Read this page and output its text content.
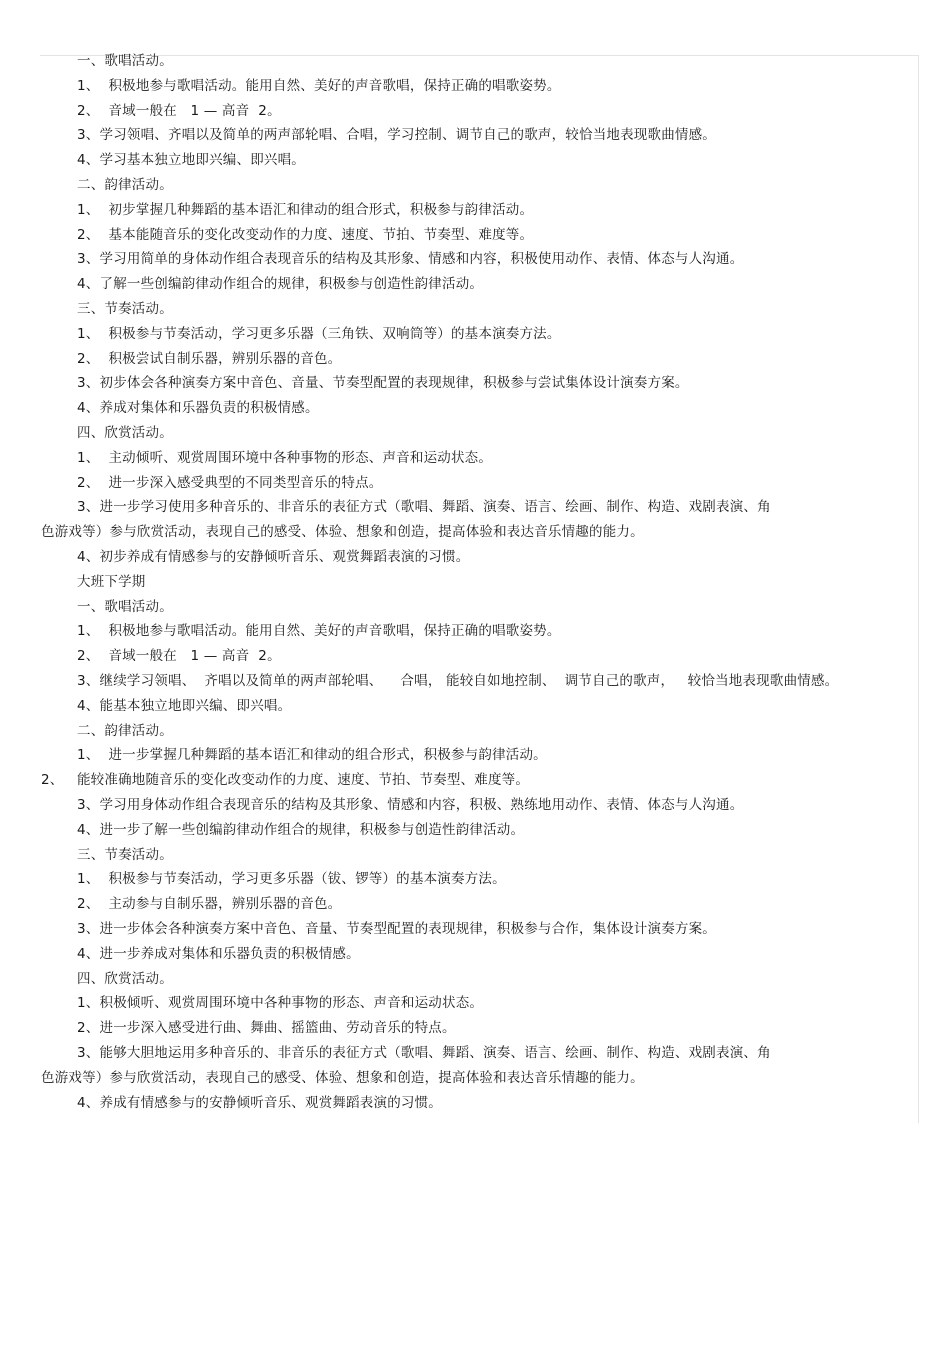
一、歌唱活动。
1、  积极地参与歌唱活动。能用自然、美好的声音歌唱，保持正确的唱歌姿势。
2、  音域一般在   1 — 高音  2。
3、学习领唱、齐唱以及简单的两声部轮唱、合唱，学习控制、调节自己的歌声，较恰当地表现歌曲情感。
4、学习基本独立地即兴编、即兴唱。
二、韵律活动。
1、  初步掌握几种舞蹈的基本语汇和律动的组合形式，积极参与韵律活动。
2、  基本能随音乐的变化改变动作的力度、速度、节拍、节奏型、难度等。
3、学习用简单的身体动作组合表现音乐的结构及其形象、情感和内容，积极使用动作、表情、体态与人沟通。
4、了解一些创编韵律动作组合的规律，积极参与创造性韵律活动。
三、节奏活动。
1、  积极参与节奏活动，学习更多乐器（三角铁、双响筒等）的基本演奏方法。
2、  积极尝试自制乐器，辨别乐器的音色。
3、初步体会各种演奏方案中音色、音量、节奏型配置的表现规律，积极参与尝试集体设计演奏方案。
4、养成对集体和乐器负责的积极情感。
四、欣赏活动。
1、  主动倾听、观赏周围环境中各种事物的形态、声音和运动状态。
2、  进一步深入感受典型的不同类型音乐的特点。
3、进一步学习使用多种音乐的、非音乐的表征方式（歌唱、舞蹈、演奏、语言、绘画、制作、构造、戏剧表演、角
色游戏等）参与欣赏活动，表现自己的感受、体验、想象和创造，提高体验和表达音乐情趣的能力。
4、初步养成有情感参与的安静倾听音乐、观赏舞蹈表演的习惯。
大班下学期
一、歌唱活动。
1、  积极地参与歌唱活动。能用自然、美好的声音歌唱，保持正确的唱歌姿势。
2、  音域一般在   1 — 高音  2。
3、继续学习领唱、  齐唱以及简单的两声部轮唱、    合唱， 能较自如地控制、  调节自己的歌声，   较恰当地表现歌曲情感。
4、能基本独立地即兴编、即兴唱。
二、韵律活动。
1、  进一步掌握几种舞蹈的基本语汇和律动的组合形式，积极参与韵律活动。
2、   能较准确地随音乐的变化改变动作的力度、速度、节拍、节奏型、难度等。
3、学习用身体动作组合表现音乐的结构及其形象、情感和内容，积极、熟练地用动作、表情、体态与人沟通。
4、进一步了解一些创编韵律动作组合的规律，积极参与创造性韵律活动。
三、节奏活动。
1、  积极参与节奏活动，学习更多乐器（钹、锣等）的基本演奏方法。
2、  主动参与自制乐器，辨别乐器的音色。
3、进一步体会各种演奏方案中音色、音量、节奏型配置的表现规律，积极参与合作，集体设计演奏方案。
4、进一步养成对集体和乐器负责的积极情感。
四、欣赏活动。
1、积极倾听、观赏周围环境中各种事物的形态、声音和运动状态。
2、进一步深入感受进行曲、舞曲、摇篮曲、劳动音乐的特点。
3、能够大胆地运用多种音乐的、非音乐的表征方式（歌唱、舞蹈、演奏、语言、绘画、制作、构造、戏剧表演、角
色游戏等）参与欣赏活动，表现自己的感受、体验、想象和创造，提高体验和表达音乐情趣的能力。
4、养成有情感参与的安静倾听音乐、观赏舞蹈表演的习惯。
